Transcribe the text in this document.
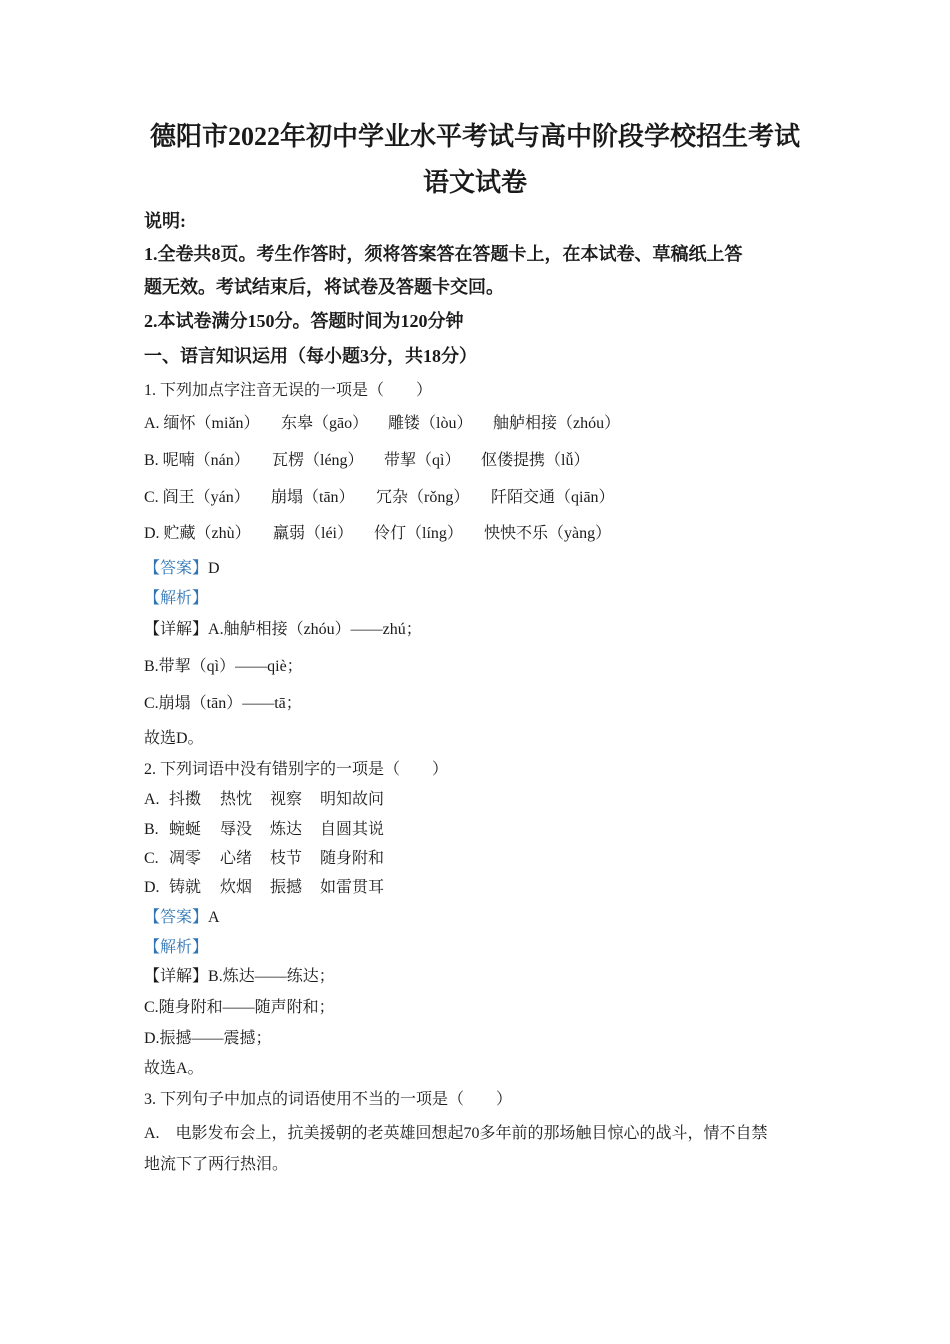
德阳市2022年初中学业水平考试与高中阶段学校招生考试
语文试卷
说明:
1.全卷共8页。考生作答时，须将答案答在答题卡上，在本试卷、草稿纸上答
题无效。考试结束后，将试卷及答题卡交回。
2.本试卷满分150分。答题时间为120分钟
一、语言知识运用（每小题3分，共18分）
1. 下列加点字注音无误的一项是（　　）
A. 缅怀（miǎn） 东皋（gāo） 雕镂（lòu） 舳舻相接（zhóu）
B. 呢喃（nán） 瓦楞（léng） 带挈（qì） 伛偻提携（lǚ）
C. 阎王（yán） 崩塌（tān） 冗杂（rǒng） 阡陌交通（qiān）
D. 贮藏（zhù） 羸弱（léi） 伶仃（líng） 怏怏不乐（yàng）
【答案】D
【解析】
【详解】A.舳舻相接（zhóu）——zhú；
B.带挈（qì）——qiè；
C.崩塌（tān）——tā；
故选D。
2. 下列词语中没有错别字的一项是（　　）
A. 抖擞 热忱 视察 明知故问
B. 蜿蜒 辱没 炼达 自圆其说
C. 凋零 心绪 枝节 随身附和
D. 铸就 炊烟 振撼 如雷贯耳
【答案】A
【解析】
【详解】B.炼达——练达；
C.随身附和——随声附和；
D.振撼——震撼；
故选A。
3. 下列句子中加点的词语使用不当的一项是（　　）
A.　电影发布会上，抗美援朝的老英雄回想起70多年前的那场触目惊心的战斗，情不自禁
地流下了两行热泪。
